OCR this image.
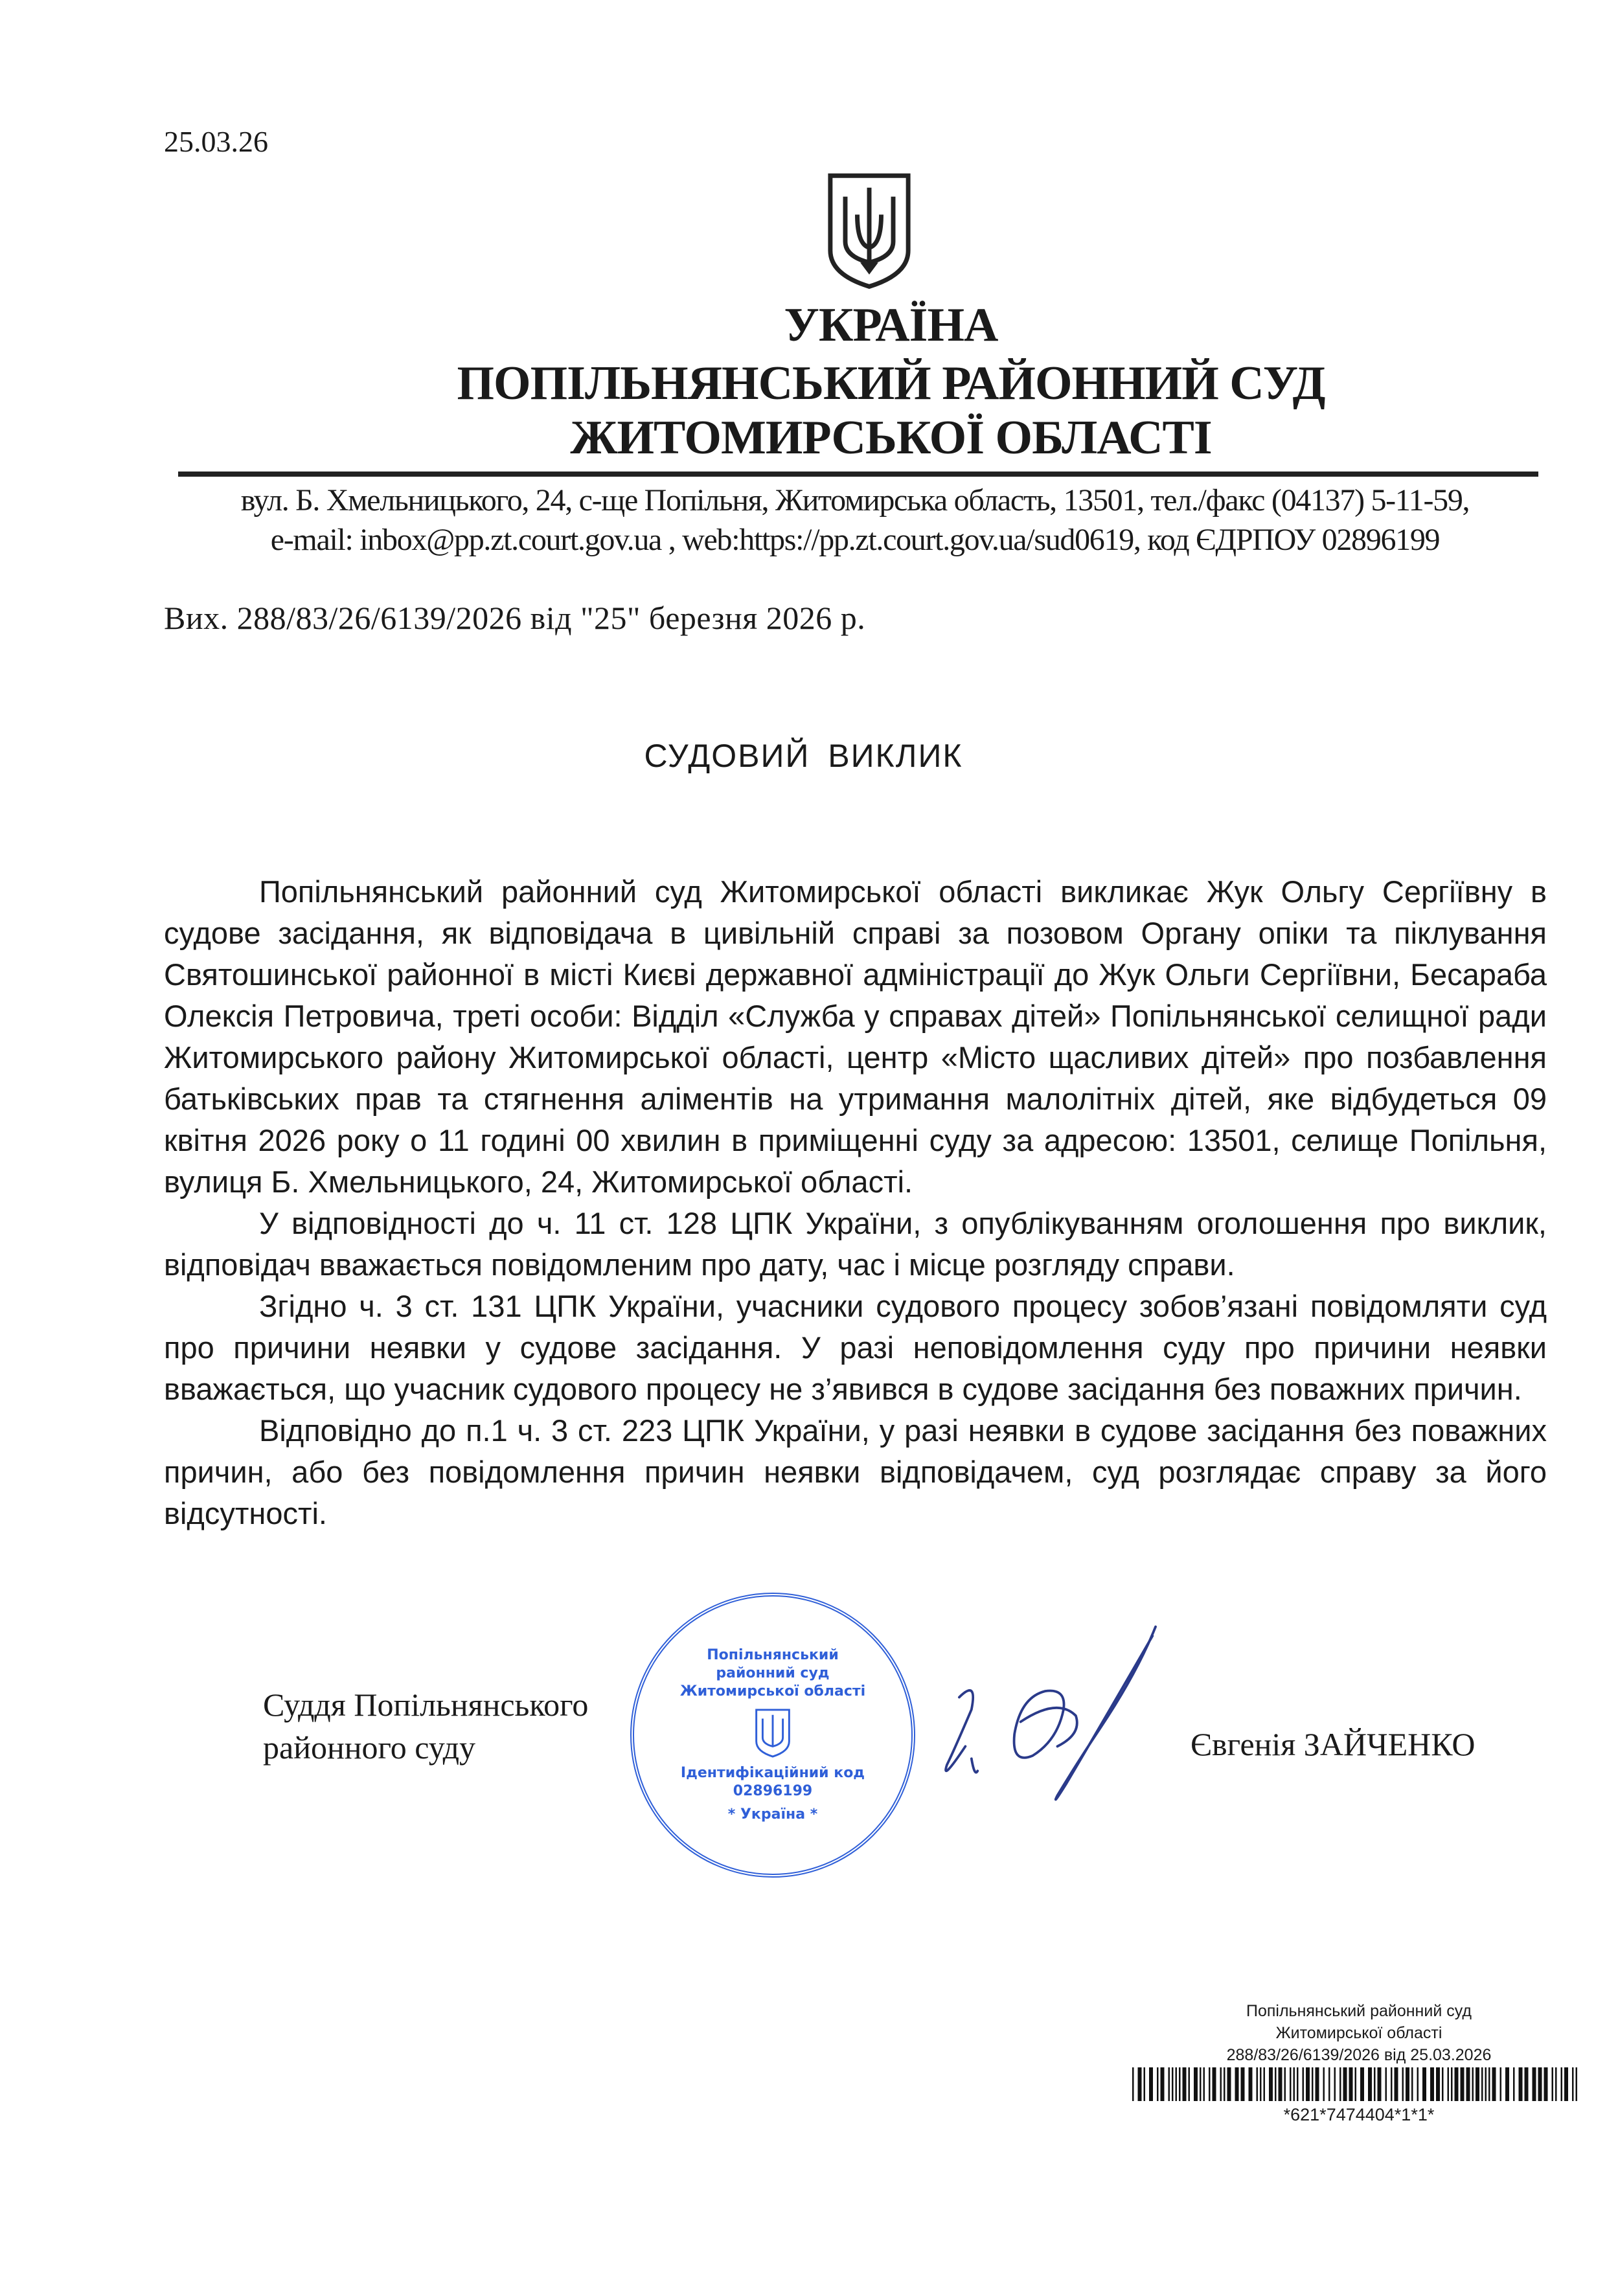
25.03.26
УКРАЇНА
ПОПІЛЬНЯНСЬКИЙ РАЙОННИЙ СУД
ЖИТОМИРСЬКОЇ ОБЛАСТІ
вул. Б. Хмельницького, 24, с-ще Попільня, Житомирська область, 13501, тел./факс (04137) 5-11-59,
e-mail: inbox@pp.zt.court.gov.ua , web:https://pp.zt.court.gov.ua/sud0619, код ЄДРПОУ 02896199
Вих. 288/83/26/6139/2026 від "25" березня 2026 р.
СУДОВИЙ ВИКЛИК

Попільнянський районний суд Житомирської області викликає Жук Ольгу Сергіївну в судове засідання, як відповідача в цивільній справі за позовом Органу опіки та піклування Святошинської районної в місті Києві державної адміністрації до Жук Ольги Сергіївни, Бесараба Олексія Петровича, треті особи: Відділ «Служба у справах дітей» Попільнянської селищної ради Житомирського району Житомирської області, центр «Місто щасливих дітей» про позбавлення батьківських прав та стягнення аліментів на утримання малолітніх дітей, яке відбудеться 09 квітня 2026 року о 11 годині 00 хвилин в приміщенні суду за адресою: 13501, селище Попільня, вулиця Б. Хмельницького, 24, Житомирської області.

У відповідності до ч. 11 ст. 128 ЦПК України, з опублікуванням оголошення про виклик, відповідач вважається повідомленим про дату, час і місце розгляду справи.

Згідно ч. 3 ст. 131 ЦПК України, учасники судового процесу зобов’язані повідомляти суд про причини неявки у судове засідання. У разі неповідомлення суду про причини неявки вважається, що учасник судового процесу не з’явився в судове засідання без поважних причин.

Відповідно до п.1 ч. 3 ст. 223 ЦПК України, у разі неявки в судове засідання без поважних причин, або без повідомлення причин неявки відповідачем, суд розглядає справу за його відсутності.

Суддя Попільнянського
районного суду
Попільнянський районний суд Житомирської області
Ідентифікаційний код 02896199
* Україна *
Євгенія ЗАЙЧЕНКО
Попільнянський районний суд
Житомирської області
288/83/26/6139/2026 від 25.03.2026
*621*7474404*1*1*
